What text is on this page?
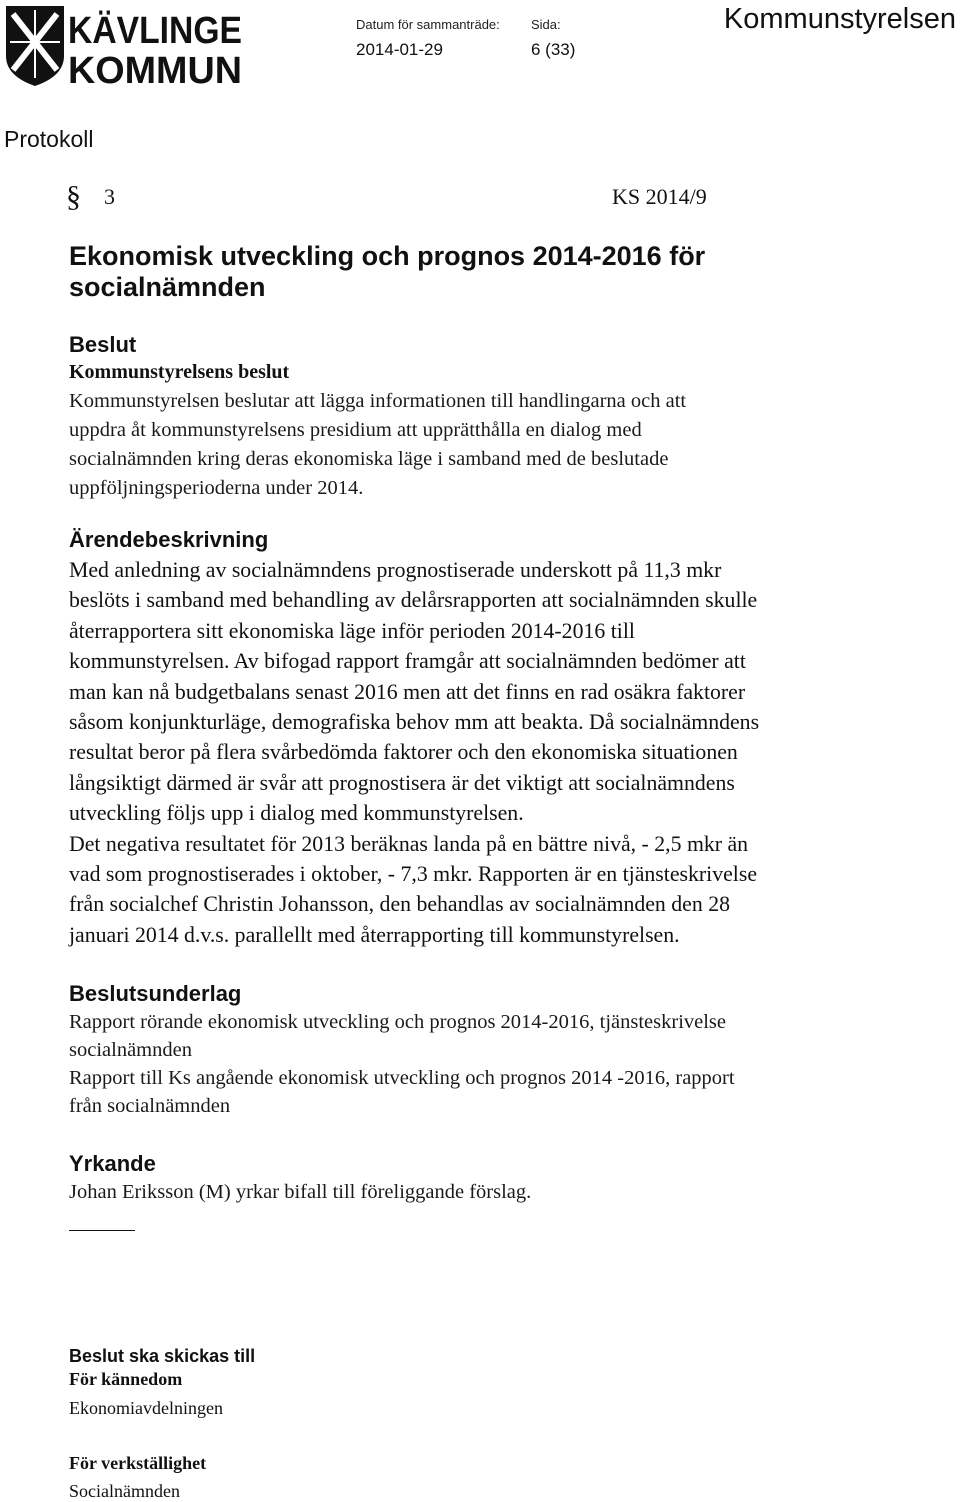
KÄVLINGE
KOMMUN
Datum för sammanträde:
2014-01-29
Sida:
6 (33)
Kommunstyrelsen
Protokoll
§ 3	KS 2014/9
Ekonomisk utveckling och prognos 2014-2016 för socialnämnden
Beslut
Kommunstyrelsens beslut
Kommunstyrelsen beslutar att lägga informationen till handlingarna och att
uppdra åt kommunstyrelsens presidium att upprätthålla en dialog med
socialnämnden kring deras ekonomiska läge i samband med de beslutade
uppföljningsperioderna under 2014.
Ärendebeskrivning
Med anledning av socialnämndens prognostiserade underskott på 11,3 mkr
beslöts i samband med behandling av delårsrapporten att socialnämnden skulle
återrapportera sitt ekonomiska läge inför perioden 2014-2016 till
kommunstyrelsen. Av bifogad rapport framgår att socialnämnden bedömer att
man kan nå budgetbalans senast 2016 men att det finns en rad osäkra faktorer
såsom konjunkturläge, demografiska behov mm att beakta. Då socialnämndens
resultat beror på flera svårbedömda faktorer och den ekonomiska situationen
långsiktigt därmed är svår att prognostisera är det viktigt att socialnämndens
utveckling följs upp i dialog med kommunstyrelsen.
Det negativa resultatet för 2013 beräknas landa på en bättre nivå, - 2,5 mkr än
vad som prognostiserades i oktober, - 7,3 mkr. Rapporten är en tjänsteskrivelse
från socialchef Christin Johansson, den behandlas av socialnämnden den 28
januari 2014 d.v.s. parallellt med återrapporting till kommunstyrelsen.
Beslutsunderlag
Rapport rörande ekonomisk utveckling och prognos 2014-2016, tjänsteskrivelse
socialnämnden
Rapport till Ks angående ekonomisk utveckling och prognos 2014 -2016, rapport
från socialnämnden
Yrkande
Johan Eriksson (M) yrkar bifall till föreliggande förslag.
Beslut ska skickas till
För kännedom
Ekonomiavdelningen
För verkställighet
Socialnämnden
